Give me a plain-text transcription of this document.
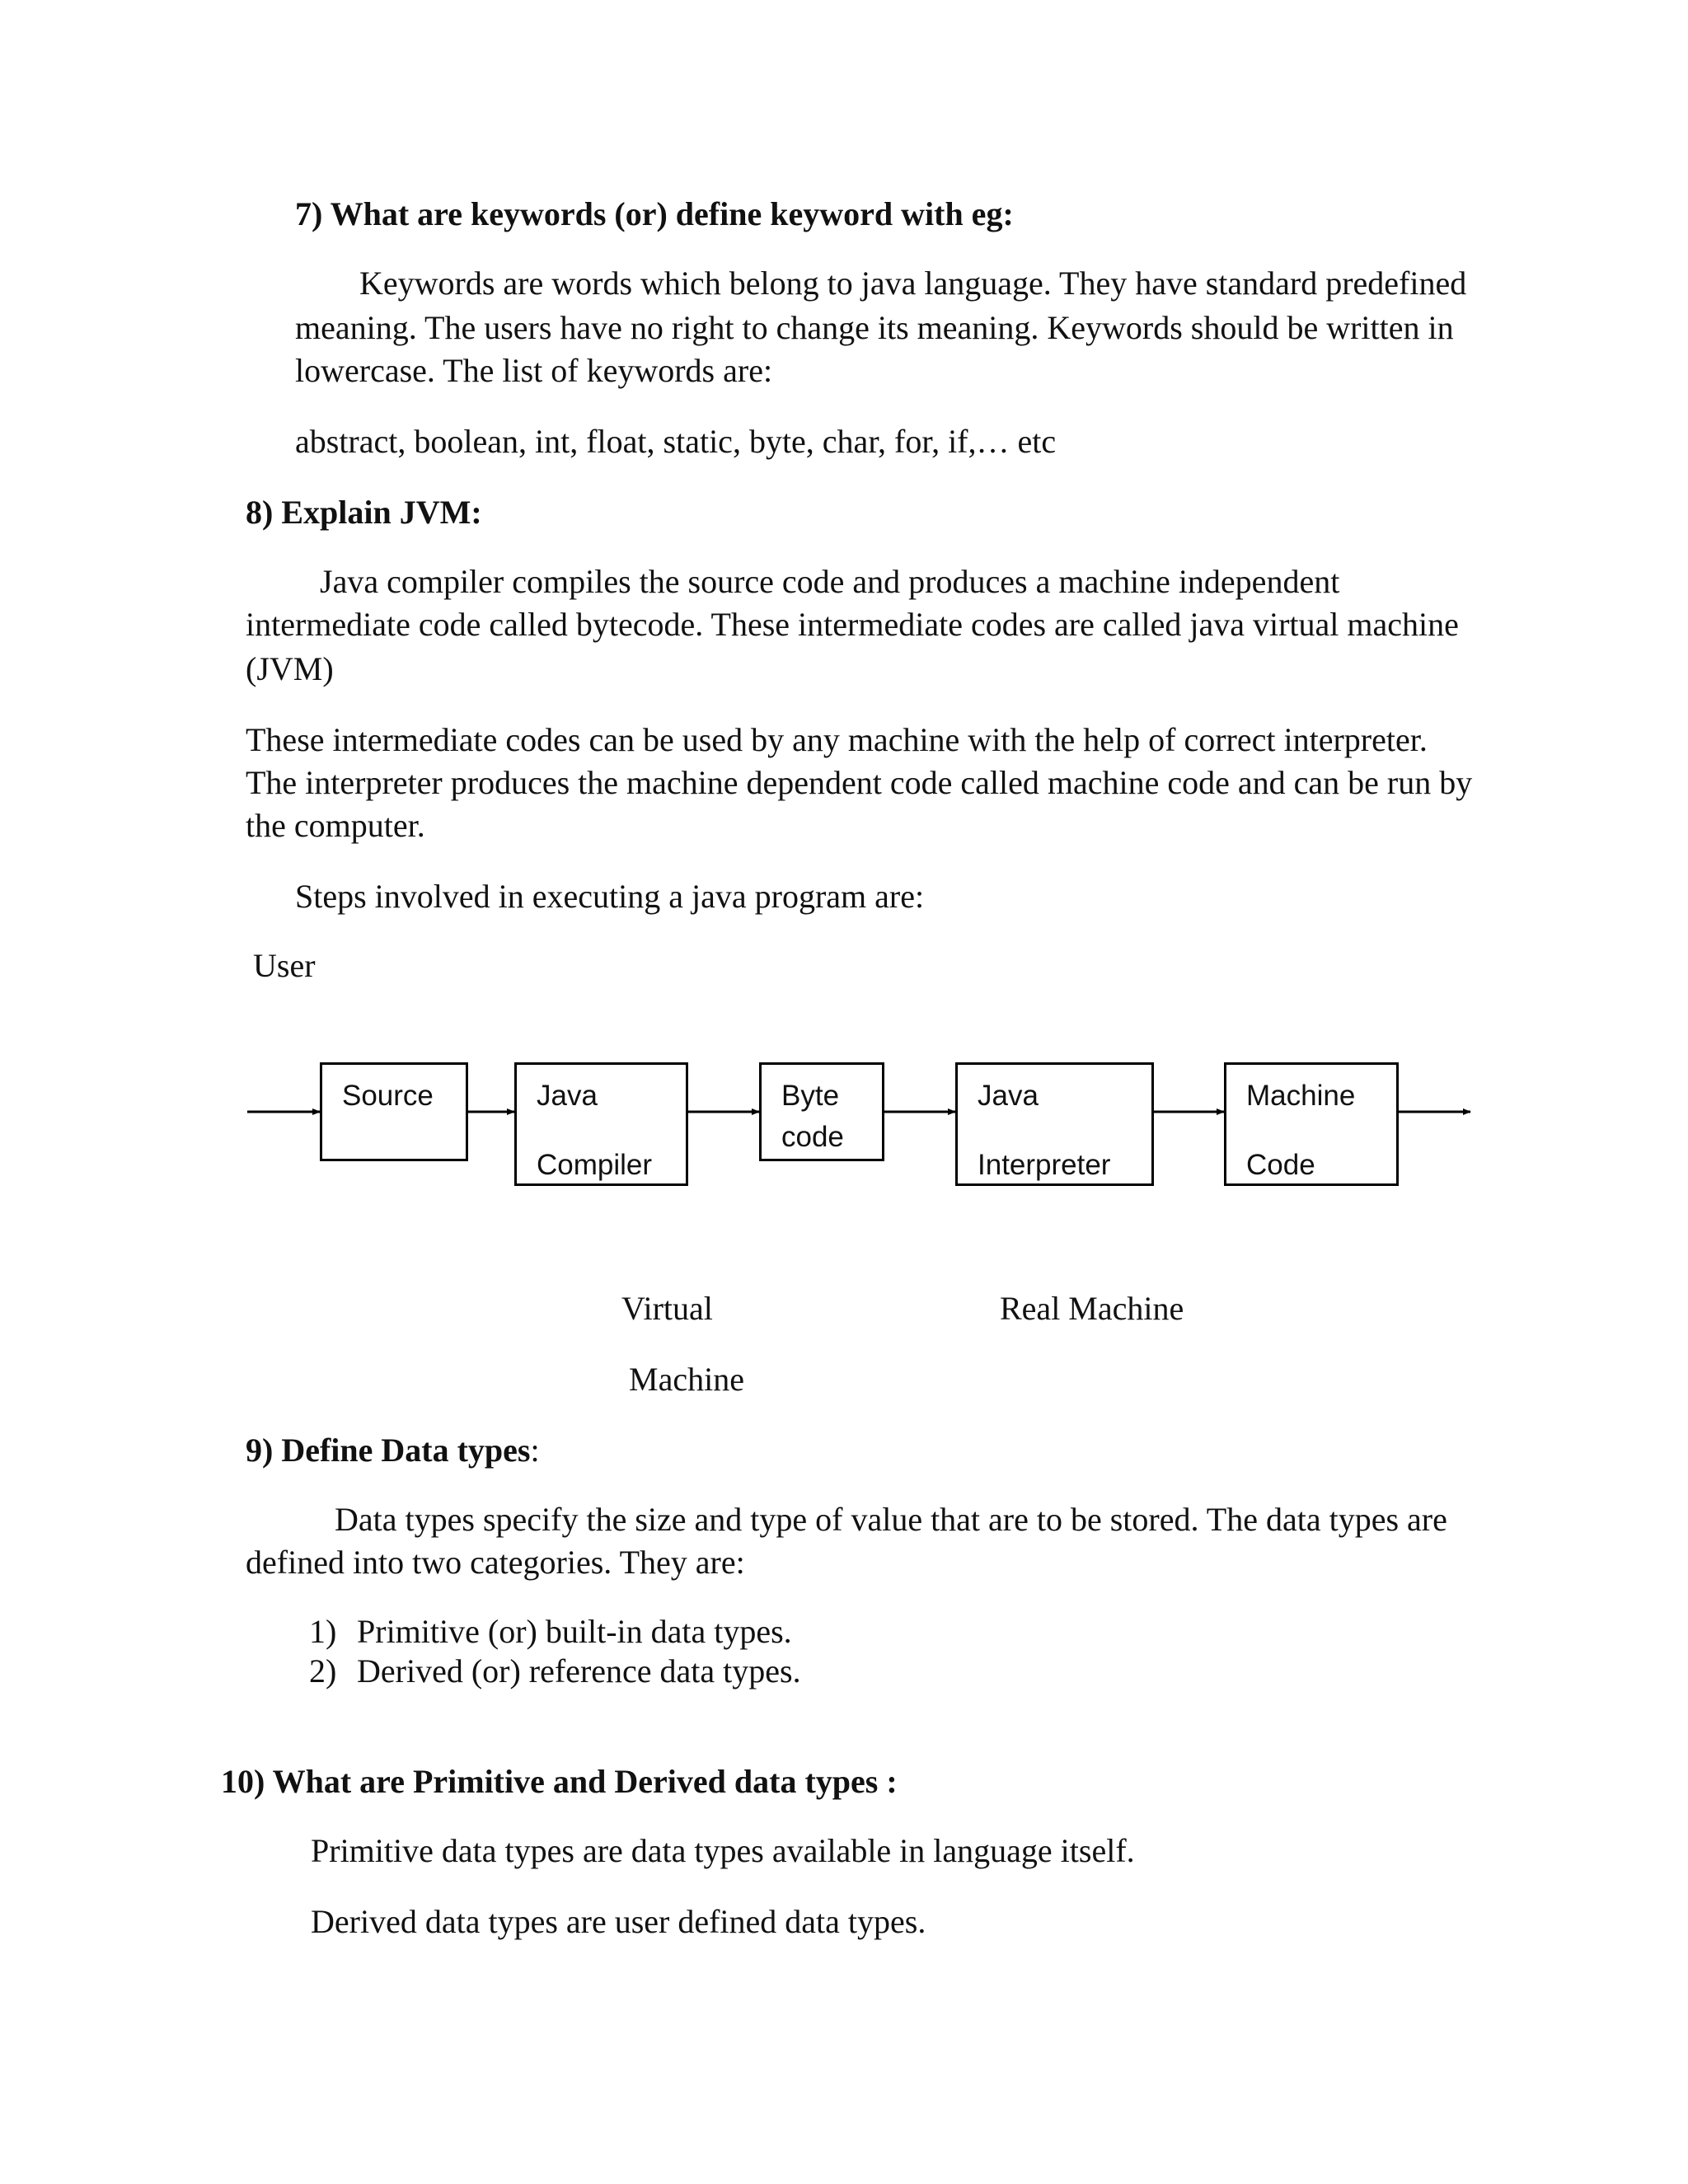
7) What are keywords (or) define keyword with eg:

Keywords are words which belong to java language. They have standard predefined

meaning. The users have no right to change its meaning. Keywords should be written in

lowercase. The list of keywords are:

abstract, boolean, int, float, static, byte, char, for, if,… etc

8) Explain JVM:

Java compiler compiles the source code and produces a machine independent

intermediate code called bytecode. These intermediate codes are called java virtual machine

(JVM)

These intermediate codes can be used by any machine with the help of correct interpreter.

The interpreter produces the machine dependent code called machine code and can be run by

the computer.

Steps involved in executing a java program are:

User

Source	Java
Compiler
Byte
code
Java
Interpreter
Machine
Code

Virtual	Real Machine

Machine

9) Define Data types:

Data types specify the size and type of value that are to be stored. The data types are

defined into two categories. They are:

1) Primitive (or) built-in data types.

2) Derived (or) reference data types.

10) What are Primitive and Derived data types :

Primitive data types are data types available in language itself.

Derived data types are user defined data types.
